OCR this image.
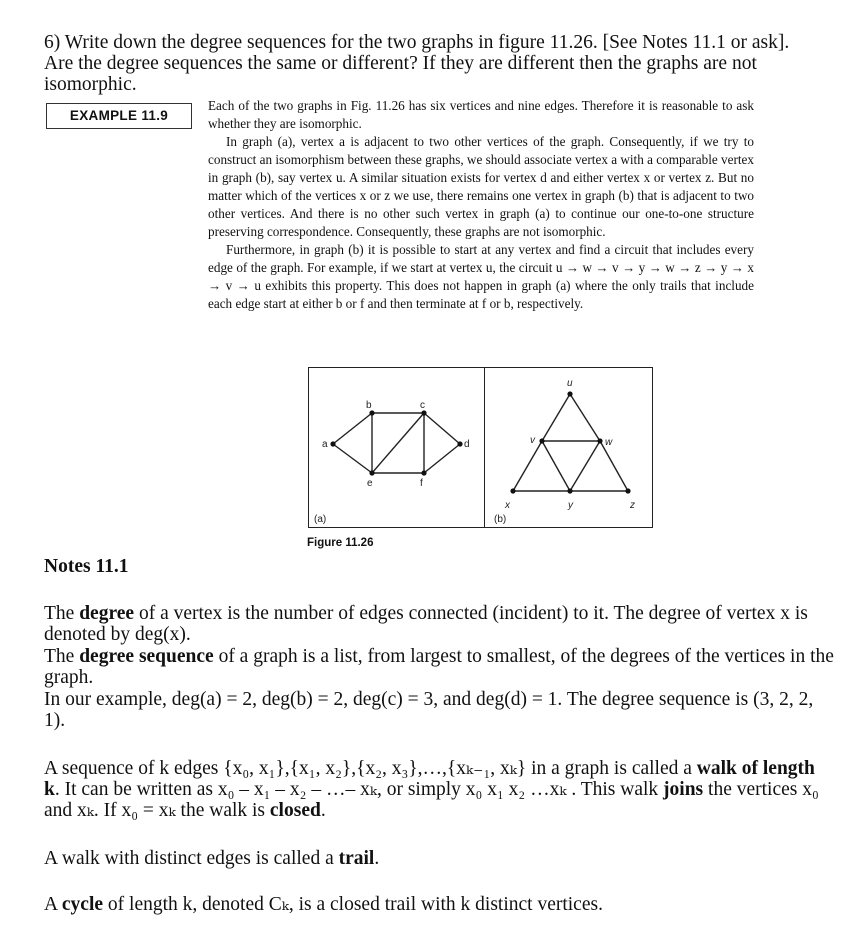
6) Write down the degree sequences for the two graphs in figure 11.26. [See Notes 11.1 or ask].
Are the degree sequences the same or different? If they are different then the graphs are not
isomorphic.
EXAMPLE 11.9

Each of the two graphs in Fig. 11.26 has six vertices and nine edges. Therefore it is reasonable to ask whether they are isomorphic.

In graph (a), vertex a is adjacent to two other vertices of the graph. Consequently, if we try to construct an isomorphism between these graphs, we should associate vertex a with a comparable vertex in graph (b), say vertex u. A similar situation exists for vertex d and either vertex x or vertex z. But no matter which of the vertices x or z we use, there remains one vertex in graph (b) that is adjacent to two other vertices. And there is no other such vertex in graph (a) to continue our one-to-one structure preserving correspondence. Consequently, these graphs are not isomorphic.

Furthermore, in graph (b) it is possible to start at any vertex and find a circuit that includes every edge of the graph. For example, if we start at vertex u, the circuit u → w → v → y → w → z → y → x → v → u exhibits this property. This does not happen in graph (a) where the only trails that include each edge start at either b or f and then terminate at f or b, respectively.

a
b	c
d
e	f
(a)
u
v	w
x	y	z
(b)
Figure 11.26
Notes 11.1
The degree of a vertex is the number of edges connected (incident) to it. The degree of vertex x is denoted by deg(x).
The degree sequence of a graph is a list, from largest to smallest, of the degrees of the vertices in the graph.
In our example, deg(a) = 2, deg(b) = 2, deg(c) = 3, and deg(d) = 1. The degree sequence is (3, 2, 2, 1).
A sequence of k edges {x₀, x₁},{x₁, x₂},{x₂, x₃},…,{xₖ₋₁, xₖ} in a graph is called a walk of length k. It can be written as x₀ – x₁ – x₂ – …– xₖ, or simply x₀ x₁ x₂ …xₖ . This walk joins the vertices x₀ and xₖ. If x₀ = xₖ the walk is closed.
A walk with distinct edges is called a trail.
A cycle of length k, denoted Cₖ, is a closed trail with k distinct vertices.
